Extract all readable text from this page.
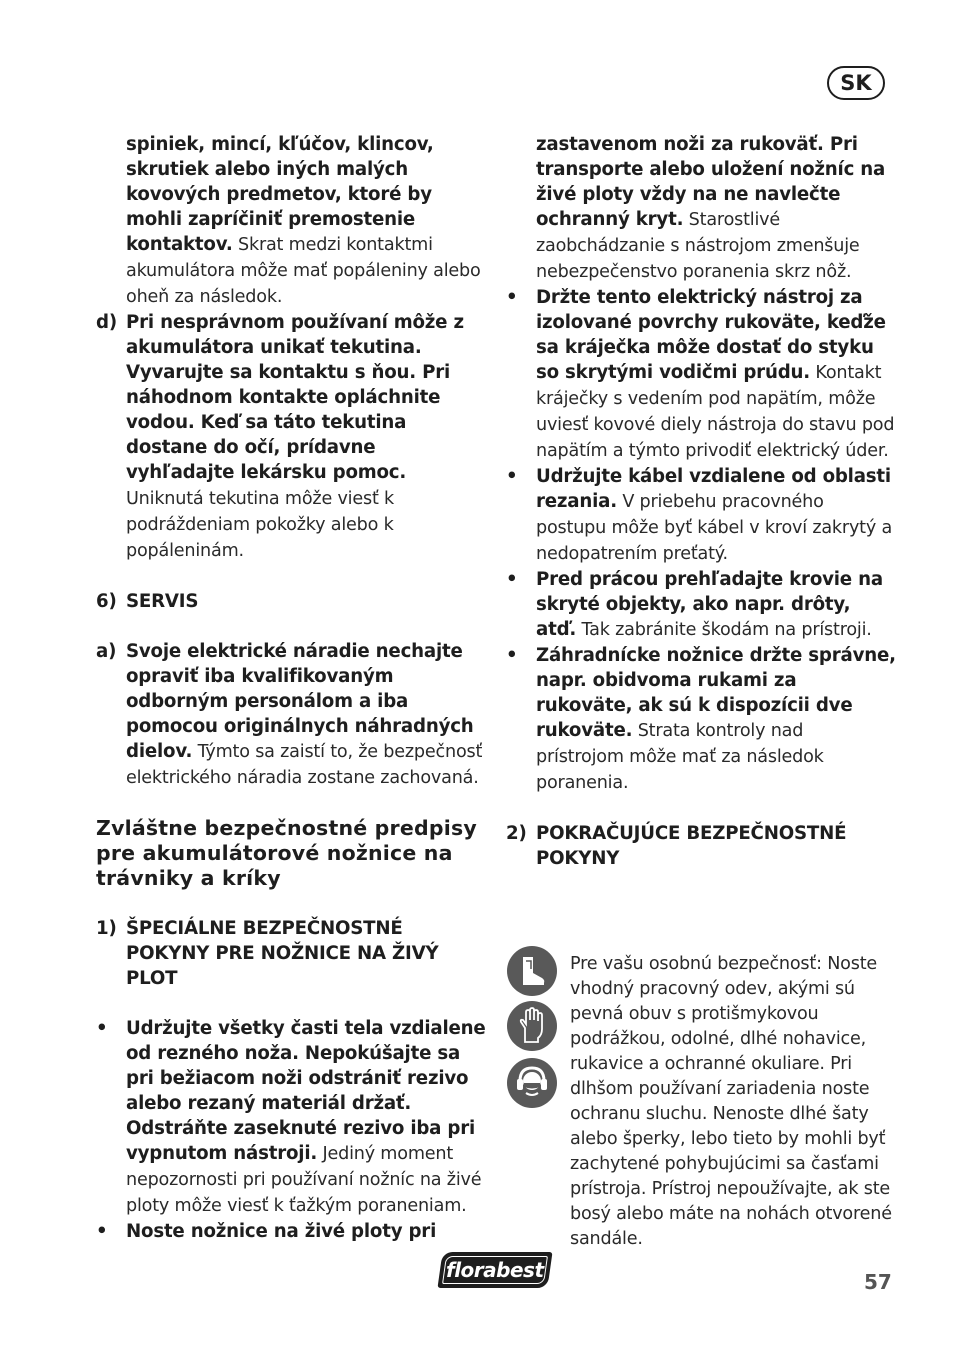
SK

spiniek, mincí, kľúčov, klincov, skrutiek alebo iných malých kovových predmetov, ktoré by mohli zapríčiniť premostenie kontaktov. Skrat medzi kontaktmi akumulátora môže mať popáleniny alebo oheň za následok.

d) Pri nesprávnom používaní môže z akumulátora unikať tekutina. Vyvarujte sa kontaktu s ňou. Pri náhodnom kontakte opláchnite vodou. Keď sa táto tekutina dostane do očí, prídavne vyhľadajte lekársku pomoc. Uniknutá tekutina môže viesť k podráždeniam pokožky alebo k popáleninám.
6) SERVIS
a) Svoje elektrické náradie nechajte opraviť iba kvalifikovaným odborným personálom a iba pomocou originálnych náhradných dielov. Týmto sa zaistí to, že bezpečnosť elektrického náradia zostane zachovaná.

Zvláštne bezpečnostné predpisy pre akumulátorové nožnice na trávniky a kríky

1) ŠPECIÁLNE BEZPEČNOSTNÉ POKYNY PRE NOŽNICE NA ŽIVÝ PLOT
• Udržujte všetky časti tela vzdialene od rezného noža. Nepokúšajte sa pri bežiacom noži odstrániť rezivo alebo rezaný materiál držať. Odstráňte zaseknuté rezivo iba pri vypnutom nástroji. Jediný moment nepozornosti pri používaní nožníc na živé ploty môže viesť k ťažkým poraneniam.
• Noste nožnice na živé ploty pri

zastavenom noži za rukoväť. Pri transporte alebo uložení nožníc na živé ploty vždy na ne navlečte ochranný kryt. Starostlivé zaobchádzanie s nástrojom zmenšuje nebezpečenstvo poranenia skrz nôž.

• Držte tento elektrický nástroj za izolované povrchy rukoväte, keďže sa kráječka môže dostať do styku so skrytými vodičmi prúdu. Kontakt kráječky s vedením pod napätím, môže uviesť kovové diely nástroja do stavu pod napätím a týmto privodiť elektrický úder.
• Udržujte kábel vzdialene od oblasti rezania. V priebehu pracovného postupu môže byť kábel v kroví zakrytý a nedopatrením preťatý.
• Pred prácou prehľadajte krovie na skryté objekty, ako napr. drôty, atď. Tak zabránite škodám na prístroji.
• Záhradnícke nožnice držte správne, napr. obidvoma rukami za rukoväte, ak sú k dispozícii dve rukoväte. Strata kontroly nad prístrojom môže mať za následok poranenia.
2) POKRAČUJÚCE BEZPEČNOSTNÉ POKYNY

Pre vašu osobnú bezpečnosť: Noste vhodný pracovný odev, akými sú pevná obuv s protišmykovou podrážkou, odolné, dlhé nohavice, rukavice a ochranné okuliare. Pri dlhšom používaní zariadenia noste ochranu sluchu. Nenoste dlhé šaty alebo šperky, lebo tieto by mohli byť zachytené pohybujúcimi sa časťami prístroja. Prístroj nepoužívajte, ak ste bosý alebo máte na nohách otvorené sandále.

florabest	57
